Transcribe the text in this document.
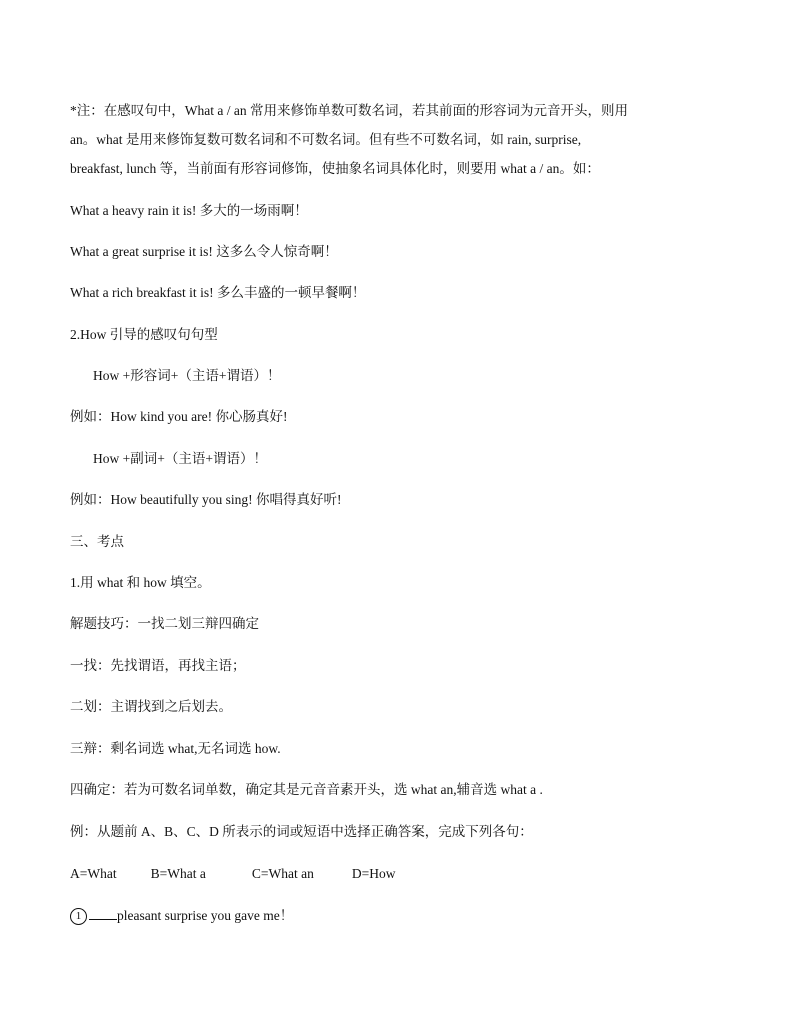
*注：在感叹句中，What a / an 常用来修饰单数可数名词，若其前面的形容词为元音开头，则用
an。what 是用来修饰复数可数名词和不可数名词。但有些不可数名词，如 rain, surprise,
breakfast, lunch 等，当前面有形容词修饰，使抽象名词具体化时，则要用 what a / an。如：
What a heavy rain it is! 多大的一场雨啊！
What a great surprise it is! 这多么令人惊奇啊！
What a rich breakfast it is! 多么丰盛的一顿早餐啊！
2.How 引导的感叹句句型
How +形容词+（主语+谓语）！
例如：How kind you are! 你心肠真好!
How +副词+（主语+谓语）！
例如：How beautifully you sing! 你唱得真好听!
三、考点
1.用 what 和 how 填空。
解题技巧：一找二划三辩四确定
一找：先找谓语，再找主语；
二划：主谓找到之后划去。
三辩：剩名词选 what,无名词选 how.
四确定：若为可数名词单数，确定其是元音音素开头，选 what an,辅音选 what a .
例：从题前 A、B、C、D 所表示的词或短语中选择正确答案，完成下列各句：
A=What	B=What a	C=What an	D=How
1	pleasant surprise you gave me！
